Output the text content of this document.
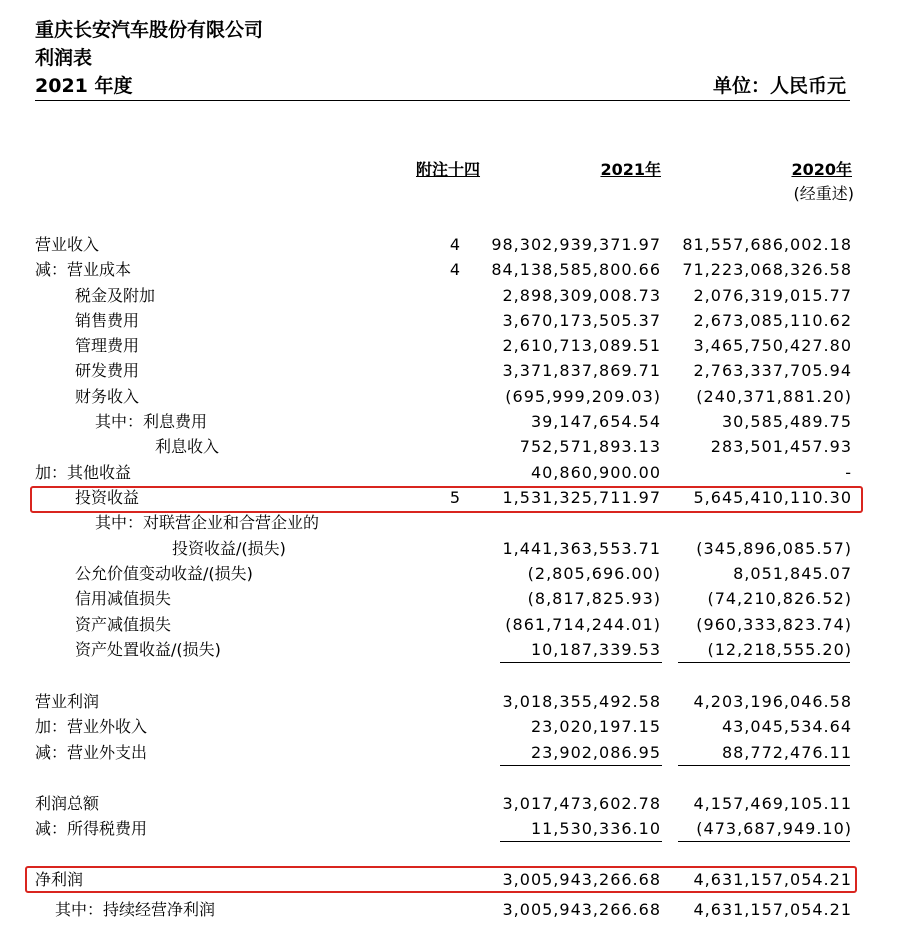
重庆长安汽车股份有限公司
利润表
2021 年度	单位：人民币元
附注十四	2021年	2020年
(经重述)
营业收入	4 98,302,939,371.97 81,557,686,002.18
减：营业成本	4 84,138,585,800.66 71,223,068,326.58
税金及附加	2,898,309,008.73 2,076,319,015.77
销售费用	3,670,173,505.37 2,673,085,110.62
管理费用	2,610,713,089.51 3,465,750,427.80
研发费用	3,371,837,869.71 2,763,337,705.94
财务收入	(695,999,209.03) (240,371,881.20)
其中：利息费用	39,147,654.54	30,585,489.75
利息收入	752,571,893.13	283,501,457.93
加：其他收益	40,860,900.00	-
投资收益	5	1,531,325,711.97 5,645,410,110.30
其中：对联营企业和合营企业的
投资收益/(损失)	1,441,363,553.71 (345,896,085.57)
公允价值变动收益/(损失)	(2,805,696.00)	8,051,845.07
信用减值损失	(8,817,825.93)	(74,210,826.52)
资产减值损失	(861,714,244.01) (960,333,823.74)
资产处置收益/(损失)	10,187,339.53	(12,218,555.20)
营业利润	3,018,355,492.58 4,203,196,046.58
加：营业外收入	23,020,197.15	43,045,534.64
减：营业外支出	23,902,086.95	88,772,476.11
利润总额	3,017,473,602.78 4,157,469,105.11
减：所得税费用	11,530,336.10 (473,687,949.10)
净利润	3,005,943,266.68 4,631,157,054.21
其中：持续经营净利润	3,005,943,266.68 4,631,157,054.21
